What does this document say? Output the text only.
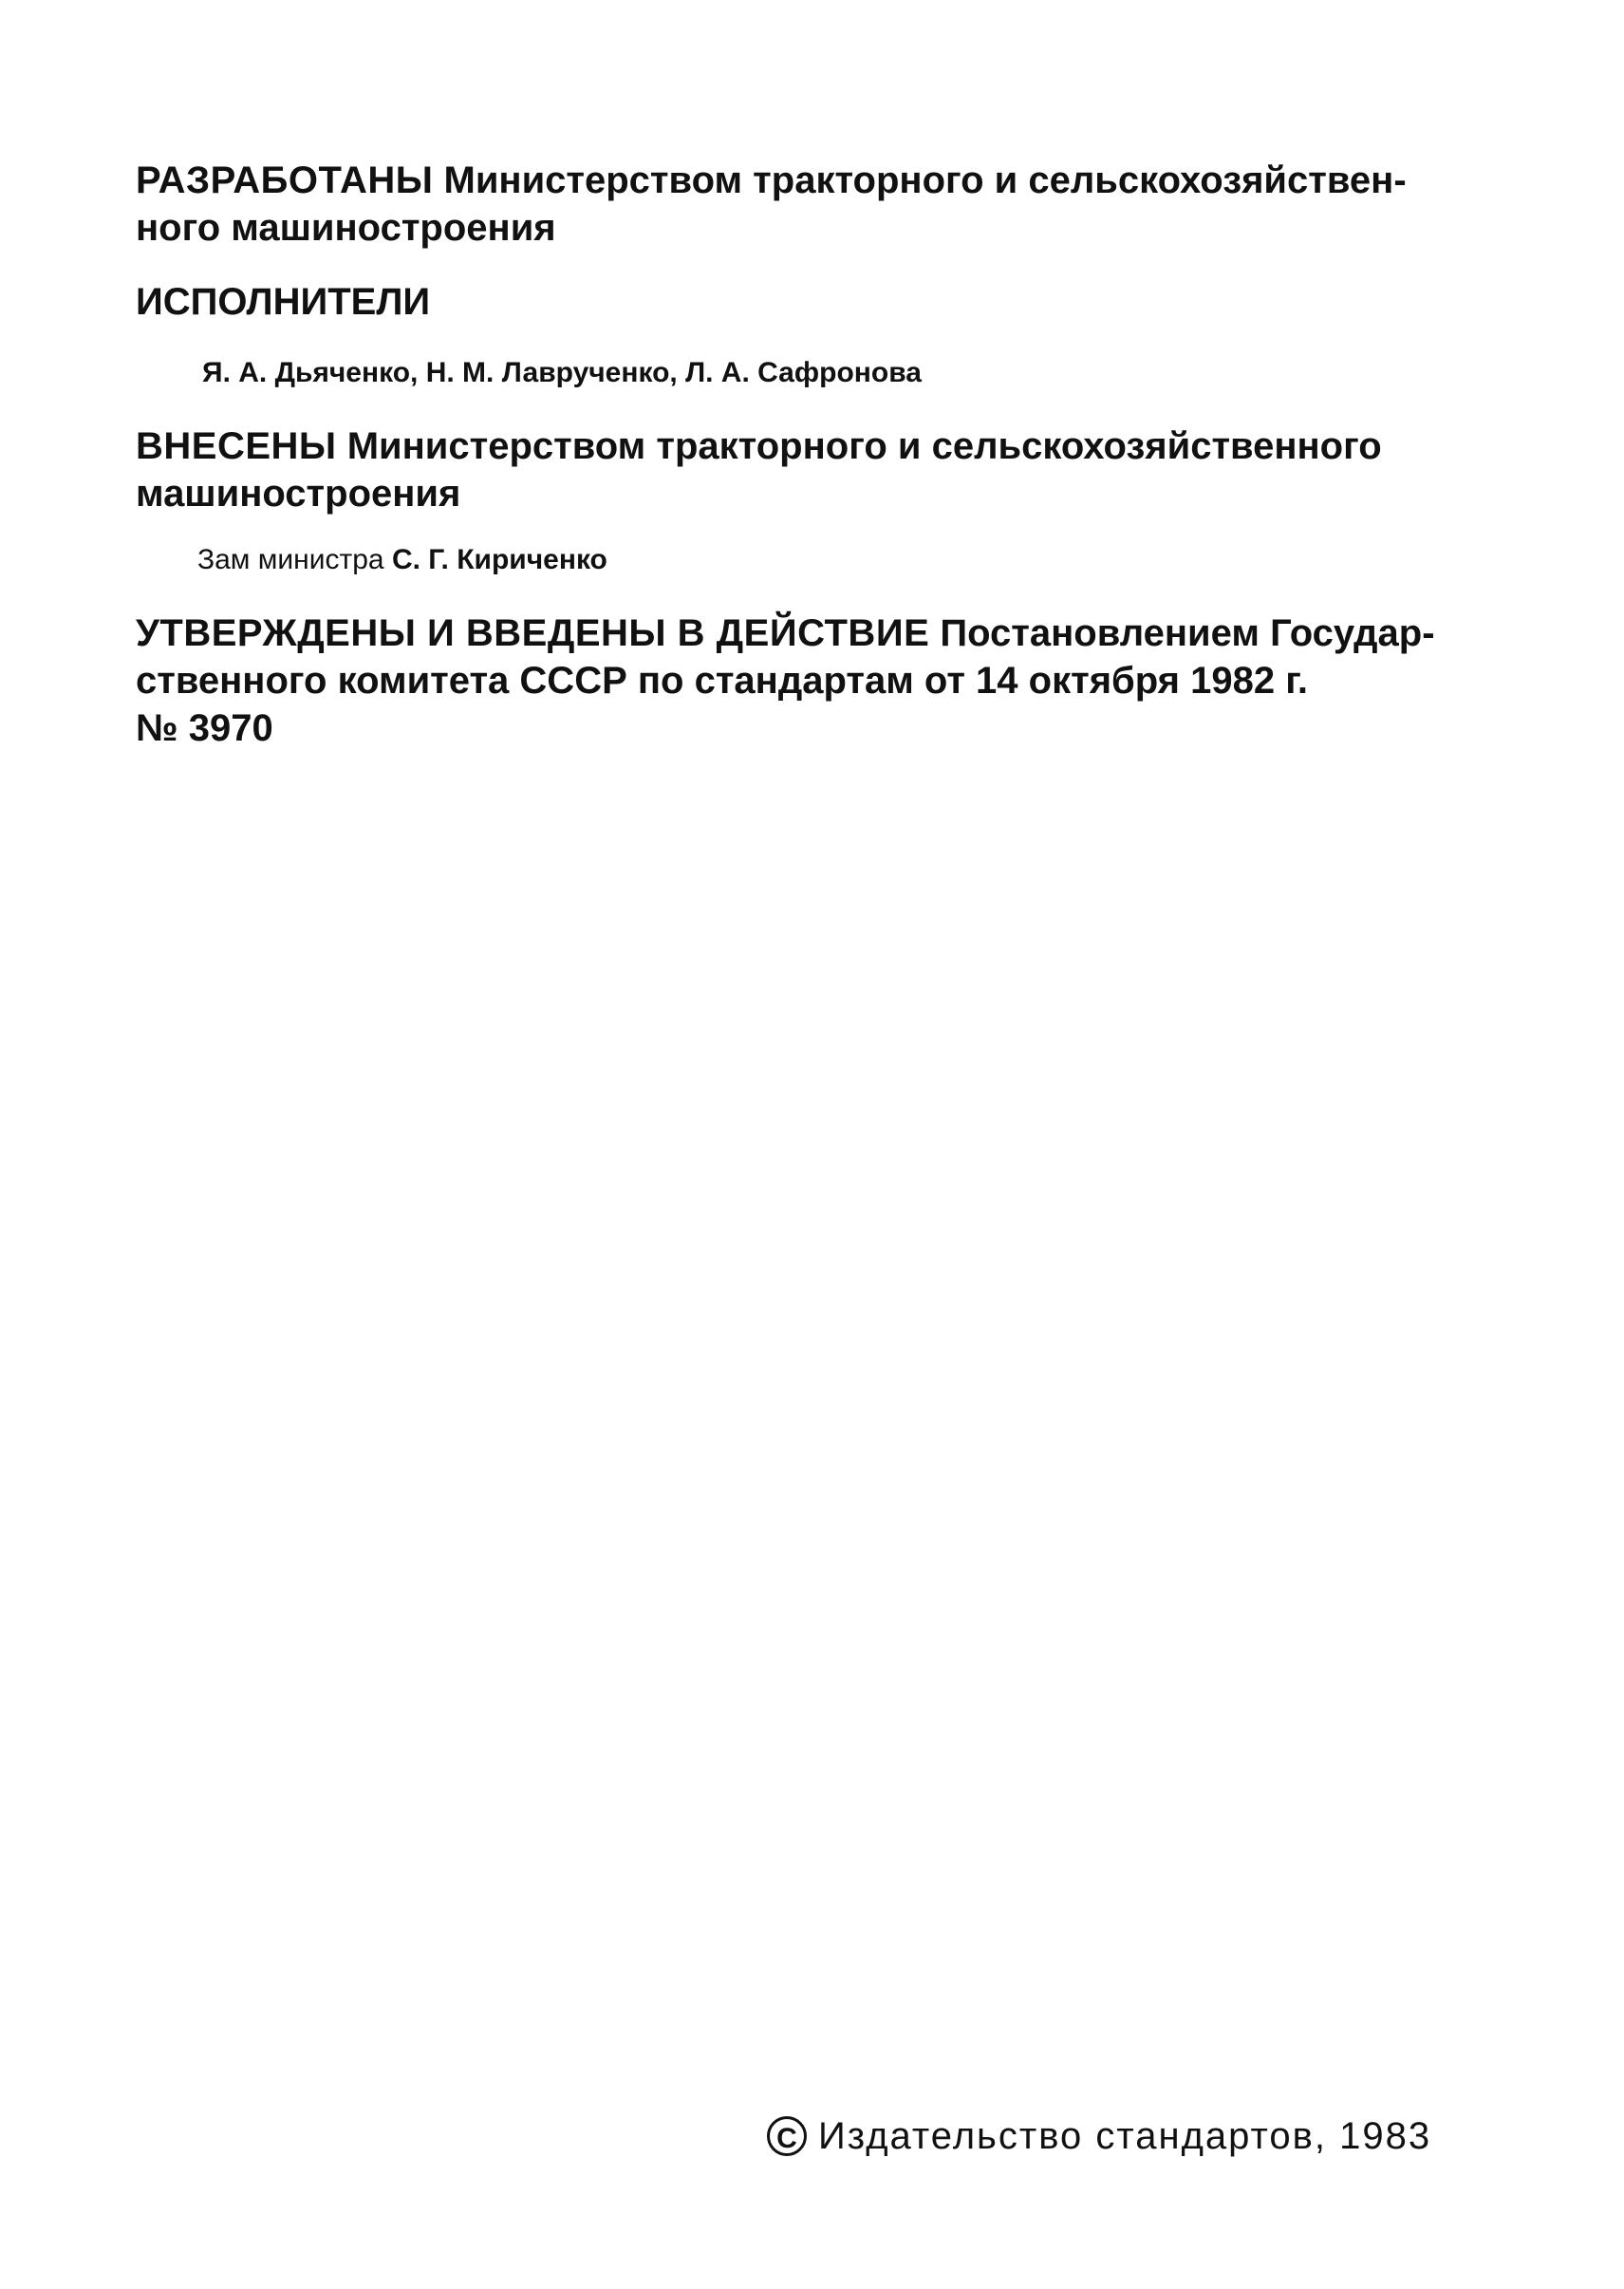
РАЗРАБОТАНЫ Министерством тракторного и сельскохозяйствен-
ного машиностроения
ИСПОЛНИТЕЛИ
Я. А. Дьяченко, Н. М. Лавручeнко, Л. А. Сафронова
ВНЕСЕНЫ Министерством тракторного и сельскохозяйственного
машиностроения
Зам министра С. Г. Кириченко
УТВЕРЖДЕНЫ И ВВЕДЕНЫ В ДЕЙСТВИЕ Постановлением Государ-
ственного комитета СССР по стандартам от 14 октября 1982 г.
№ 3970
C Издательство стандартов, 1983
